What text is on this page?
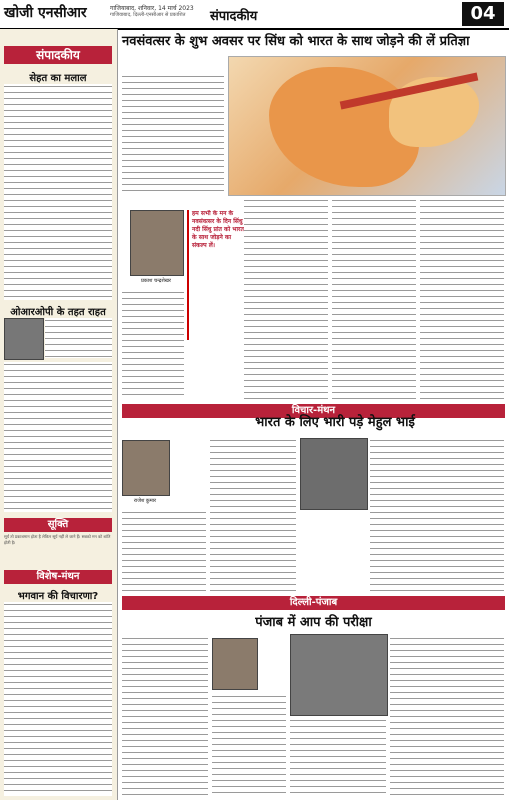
खोजी एनसीआर	गाजियाबाद, शनिवार, 14 मार्च 2023
गाजियाबाद, दिल्ली-एनसीआर से प्रकाशित संपादकीय	04
संपादकीय
सेहत का मलाल
ओआरओपी के तहत राहत
सूक्ति
सूर्य तो प्रकाशमान होता है लेकिन सूर्य नहीं ले जाने हैं। सबको मन को शांति होती है।
विशेष-मंथन
भगवान की विचारणा?
नवसंवत्सर के शुभ अवसर पर सिंध को भारत के साथ जोड़ने की लें प्रतिज्ञा
प्रकाश चन्द्रशेखर
हम सभी के मन के नवसंवत्सर के दिन सिंधु नदी सिंधु प्रांत को भारत के साथ जोड़ने का संकल्प लें।
विचार-मंथन
भारत के लिए भारी पड़े मेहुल भाई
राजेश कुमार
दिल्ली-पंजाब
पंजाब में आप की परीक्षा
